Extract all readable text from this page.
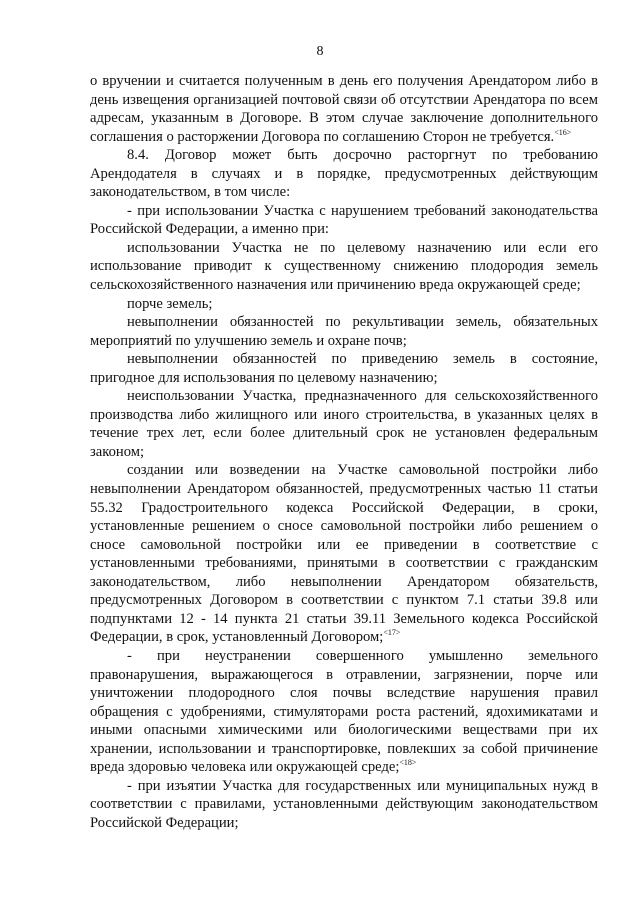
8

о вручении и считается полученным в день его получения Арендатором либо в день извещения организацией почтовой связи об отсутствии Арендатора по всем адресам, указанным в Договоре. В этом случае заключение дополнительного соглашения о расторжении Договора по соглашению Сторон не требуется.$^{<16>}$

8.4. Договор может быть досрочно расторгнут по требованию Арендодателя в случаях и в порядке, предусмотренных действующим законодательством, в том числе:

- при использовании Участка с нарушением требований законодательства Российской Федерации, а именно при:

использовании Участка не по целевому назначению или если его использование приводит к существенному снижению плодородия земель сельскохозяйственного назначения или причинению вреда окружающей среде;

порче земель;

невыполнении обязанностей по рекультивации земель, обязательных мероприятий по улучшению земель и охране почв;

невыполнении обязанностей по приведению земель в состояние, пригодное для использования по целевому назначению;

неиспользовании Участка, предназначенного для сельскохозяйственного производства либо жилищного или иного строительства, в указанных целях в течение трех лет, если более длительный срок не установлен федеральным законом;

создании или возведении на Участке самовольной постройки либо невыполнении Арендатором обязанностей, предусмотренных частью 11 статьи 55.32 Градостроительного кодекса Российской Федерации, в сроки, установленные решением о сносе самовольной постройки либо решением о сносе самовольной постройки или ее приведении в соответствие с установленными требованиями, принятыми в соответствии с гражданским законодательством, либо невыполнении Арендатором обязательств, предусмотренных Договором в соответствии с пунктом 7.1 статьи 39.8 или подпунктами 12 - 14 пункта 21 статьи 39.11 Земельного кодекса Российской Федерации, в срок, установленный Договором;$^{<17>}$

- при неустранении совершенного умышленно земельного правонарушения, выражающегося в отравлении, загрязнении, порче или уничтожении плодородного слоя почвы вследствие нарушения правил обращения с удобрениями, стимуляторами роста растений, ядохимикатами и иными опасными химическими или биологическими веществами при их хранении, использовании и транспортировке, повлекших за собой причинение вреда здоровью человека или окружающей среде;$^{<18>}$

- при изъятии Участка для государственных или муниципальных нужд в соответствии с правилами, установленными действующим законодательством Российской Федерации;
